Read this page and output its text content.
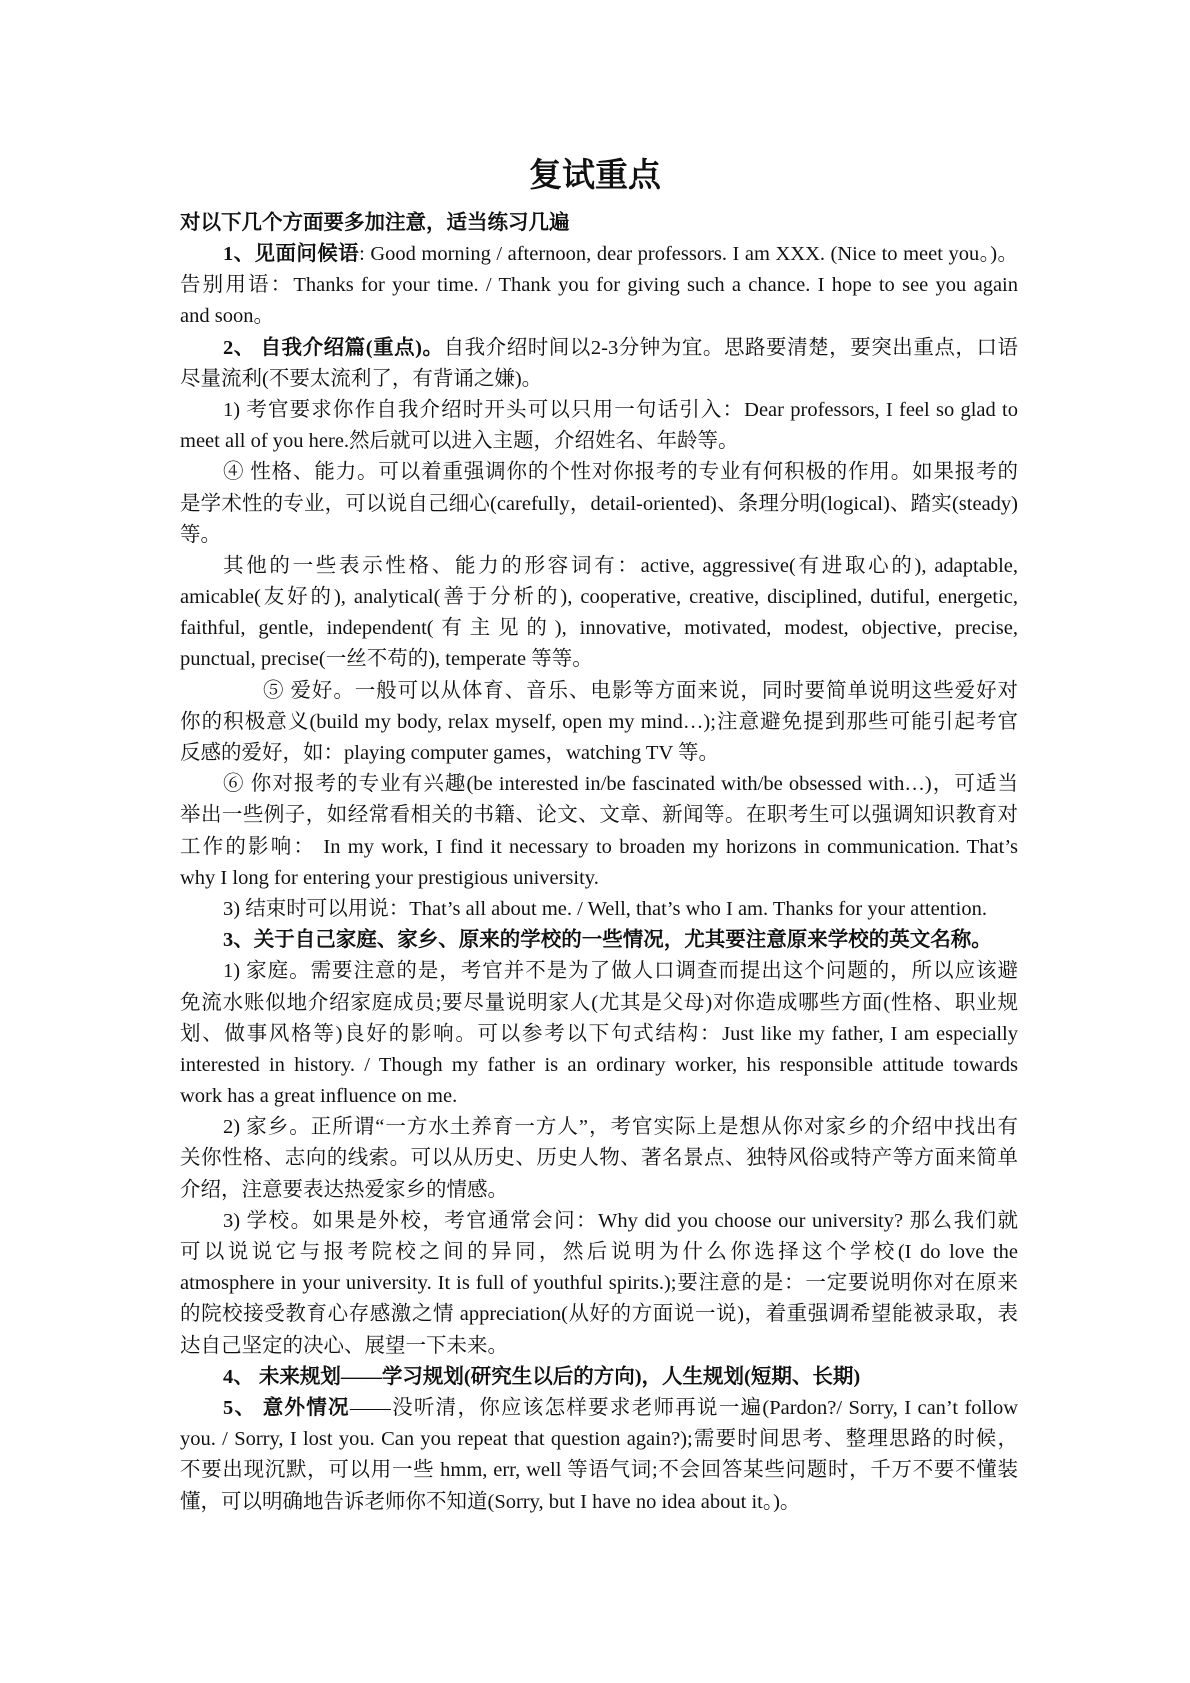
复试重点
对以下几个方面要多加注意，适当练习几遍
1、见面问候语: Good morning / afternoon, dear professors. I am XXX. (Nice to meet you。)。
告别用语：Thanks for your time. / Thank you for giving such a chance. I hope to see you again
and soon。
2、 自我介绍篇(重点)。自我介绍时间以2-3分钟为宜。思路要清楚，要突出重点，口语
尽量流利(不要太流利了，有背诵之嫌)。
1) 考官要求你作自我介绍时开头可以只用一句话引入：Dear professors, I feel so glad to
meet all of you here.然后就可以进入主题，介绍姓名、年龄等。
④ 性格、能力。可以着重强调你的个性对你报考的专业有何积极的作用。如果报考的
是学术性的专业，可以说自己细心(carefully，detail-oriented)、条理分明(logical)、踏实(steady)
等。
其他的一些表示性格、能力的形容词有：active, aggressive(有进取心的), adaptable,
amicable(友好的), analytical(善于分析的), cooperative, creative, disciplined, dutiful, energetic,
faithful, gentle, independent(有主见的), innovative, motivated, modest, objective, precise,
punctual, precise(一丝不苟的), temperate 等等。
⑤ 爱好。一般可以从体育、音乐、电影等方面来说，同时要简单说明这些爱好对
你的积极意义(build my body, relax myself, open my mind…);注意避免提到那些可能引起考官
反感的爱好，如：playing computer games，watching TV 等。
⑥ 你对报考的专业有兴趣(be interested in/be fascinated with/be obsessed with…)，可适当
举出一些例子，如经常看相关的书籍、论文、文章、新闻等。在职考生可以强调知识教育对
工作的影响： In my work, I find it necessary to broaden my horizons in communication. That’s
why I long for entering your prestigious university.
3) 结束时可以用说：That’s all about me. / Well, that’s who I am. Thanks for your attention.
3、关于自己家庭、家乡、原来的学校的一些情况，尤其要注意原来学校的英文名称。
1) 家庭。需要注意的是，考官并不是为了做人口调查而提出这个问题的，所以应该避
免流水账似地介绍家庭成员;要尽量说明家人(尤其是父母)对你造成哪些方面(性格、职业规
划、做事风格等)良好的影响。可以参考以下句式结构：Just like my father, I am especially
interested in history. / Though my father is an ordinary worker, his responsible attitude towards
work has a great influence on me.
2) 家乡。正所谓“一方水土养育一方人”，考官实际上是想从你对家乡的介绍中找出有
关你性格、志向的线索。可以从历史、历史人物、著名景点、独特风俗或特产等方面来简单
介绍，注意要表达热爱家乡的情感。
3) 学校。如果是外校，考官通常会问：Why did you choose our university? 那么我们就
可以说说它与报考院校之间的异同，然后说明为什么你选择这个学校(I do love the
atmosphere in your university. It is full of youthful spirits.);要注意的是：一定要说明你对在原来
的院校接受教育心存感激之情 appreciation(从好的方面说一说)，着重强调希望能被录取，表
达自己坚定的决心、展望一下未来。
4、 未来规划——学习规划(研究生以后的方向)，人生规划(短期、长期)
5、 意外情况——没听清，你应该怎样要求老师再说一遍(Pardon?/ Sorry, I can’t follow
you. / Sorry, I lost you. Can you repeat that question again?);需要时间思考、整理思路的时候，
不要出现沉默，可以用一些 hmm, err, well 等语气词;不会回答某些问题时，千万不要不懂装
懂，可以明确地告诉老师你不知道(Sorry, but I have no idea about it。)。
